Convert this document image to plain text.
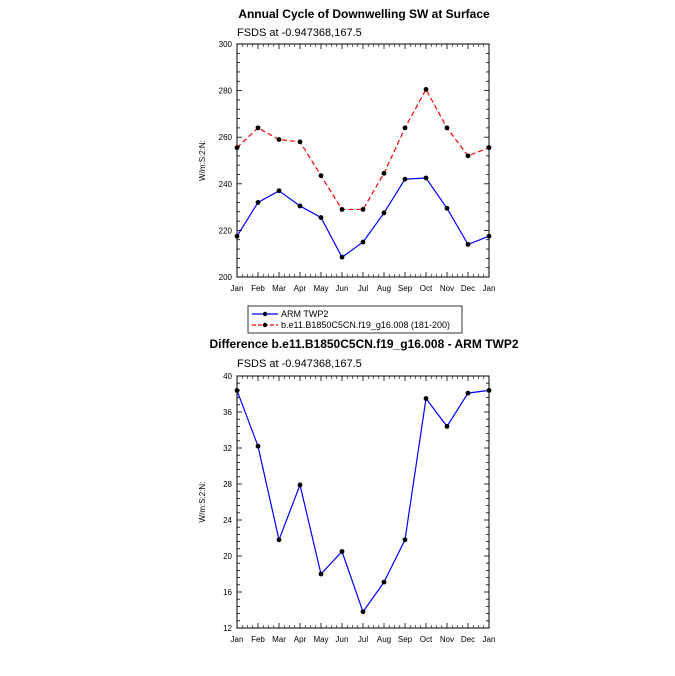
Annual Cycle of Downwelling SW at Surface
FSDS at -0.947368,167.5
200
220
240
260
280
300
Jan Feb Mar Apr May Jun Jul Aug Sep Oct Nov Dec Jan
W/m:S:2:N:
ARM TWP2
b.e11.B1850C5CN.f19_g16.008 (181-200)
Difference b.e11.B1850C5CN.f19_g16.008 - ARM TWP2
FSDS at -0.947368,167.5
12
16
20
24
28
32
36
40
Jan Feb Mar Apr May Jun Jul Aug Sep Oct Nov Dec Jan
W/m:S:2:N:
